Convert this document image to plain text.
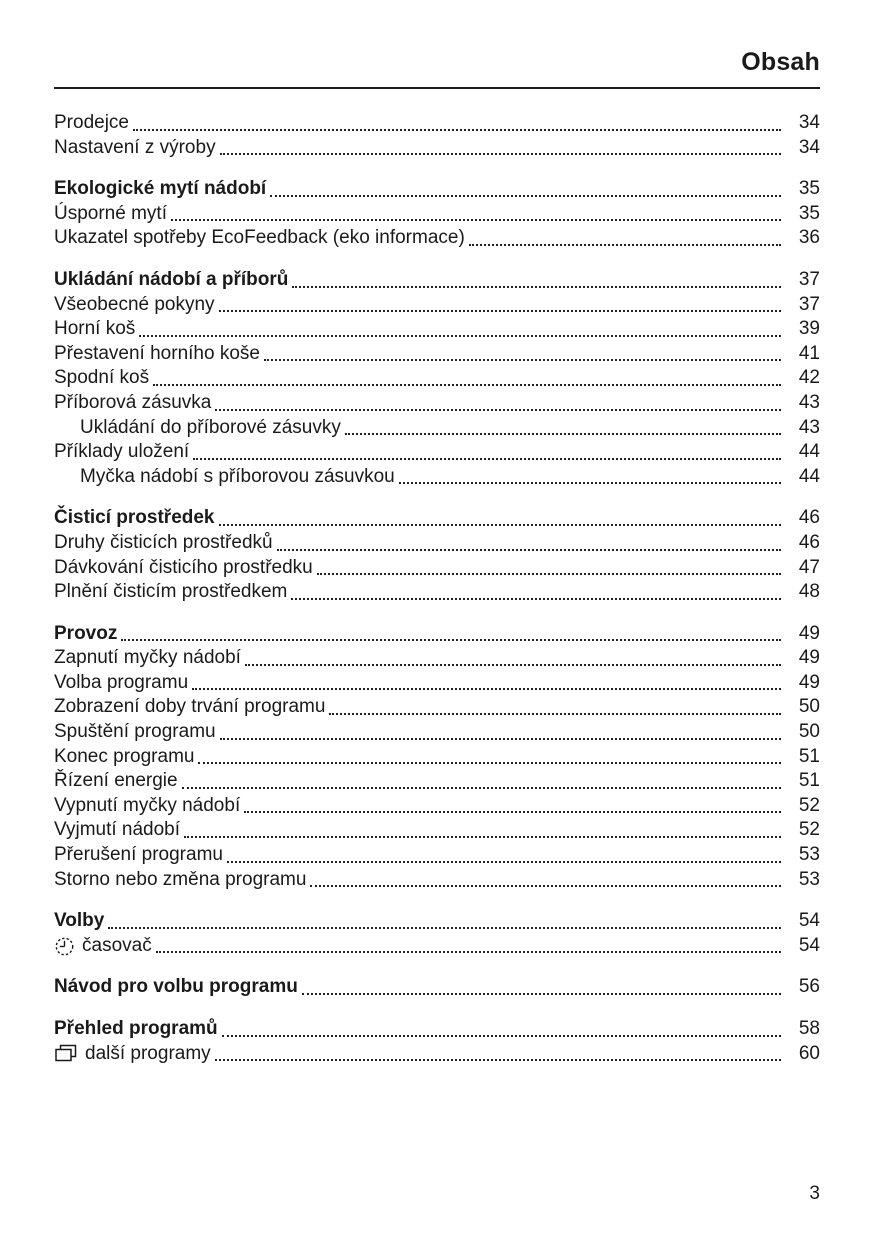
Obsah
Prodejce	34
Nastavení z výroby	34
Ekologické mytí nádobí	35
Úsporné mytí	35
Ukazatel spotřeby EcoFeedback (eko informace)	36
Ukládání nádobí a příborů	37
Všeobecné pokyny	37
Horní koš	39
Přestavení horního koše	41
Spodní koš	42
Příborová zásuvka	43
Ukládání do příborové zásuvky	43
Příklady uložení	44
Myčka nádobí s příborovou zásuvkou	44
Čisticí prostředek	46
Druhy čisticích prostředků	46
Dávkování čisticího prostředku	47
Plnění čisticím prostředkem	48
Provoz	49
Zapnutí myčky nádobí	49
Volba programu	49
Zobrazení doby trvání programu	50
Spuštění programu	50
Konec programu	51
Řízení energie	51
Vypnutí myčky nádobí	52
Vyjmutí nádobí	52
Přerušení programu	53
Storno nebo změna programu	53
Volby	54
časovač	54
Návod pro volbu programu	56
Přehled programů	58
další programy	60
3
